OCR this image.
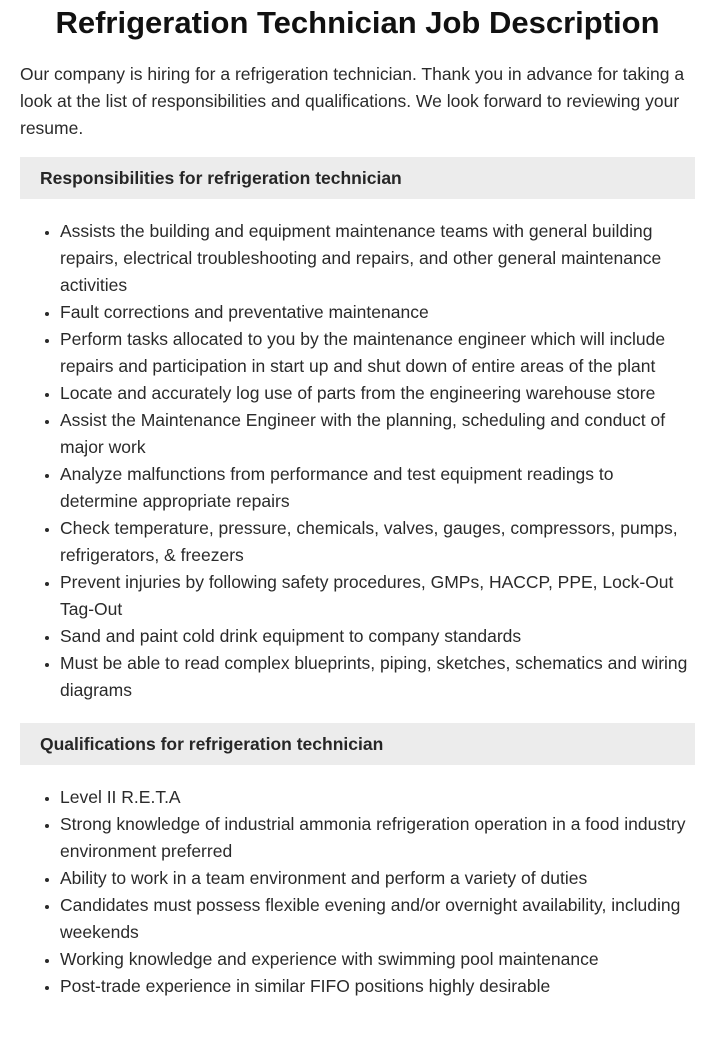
Refrigeration Technician Job Description

Our company is hiring for a refrigeration technician. Thank you in advance for taking a look at the list of responsibilities and qualifications. We look forward to reviewing your resume.

Responsibilities for refrigeration technician
• Assists the building and equipment maintenance teams with general building repairs, electrical troubleshooting and repairs, and other general maintenance activities
• Fault corrections and preventative maintenance
• Perform tasks allocated to you by the maintenance engineer which will include repairs and participation in start up and shut down of entire areas of the plant
• Locate and accurately log use of parts from the engineering warehouse store
• Assist the Maintenance Engineer with the planning, scheduling and conduct of major work
• Analyze malfunctions from performance and test equipment readings to determine appropriate repairs
• Check temperature, pressure, chemicals, valves, gauges, compressors, pumps, refrigerators, & freezers
• Prevent injuries by following safety procedures, GMPs, HACCP, PPE, Lock-Out Tag-Out
• Sand and paint cold drink equipment to company standards
• Must be able to read complex blueprints, piping, sketches, schematics and wiring diagrams
Qualifications for refrigeration technician
• Level II R.E.T.A
• Strong knowledge of industrial ammonia refrigeration operation in a food industry environment preferred
• Ability to work in a team environment and perform a variety of duties
• Candidates must possess flexible evening and/or overnight availability, including weekends
• Working knowledge and experience with swimming pool maintenance
• Post-trade experience in similar FIFO positions highly desirable
